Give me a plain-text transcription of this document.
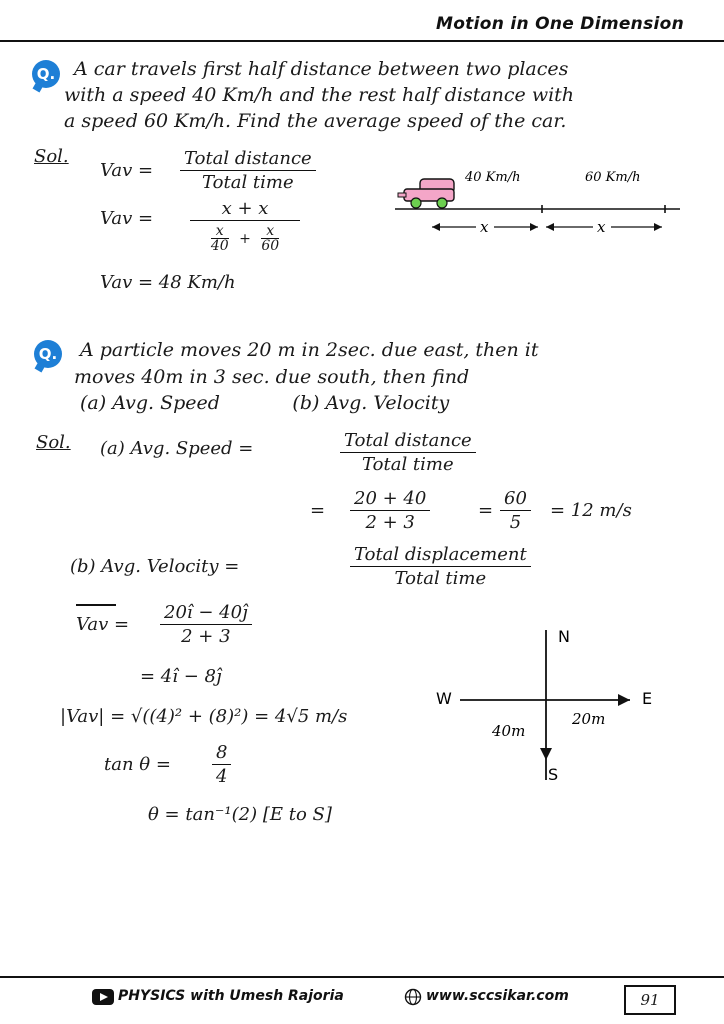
Motion in One Dimension
Q. A car travels first half distance between two places
with a speed 40 Km/h and the rest half distance with
a speed 60 Km/h. Find the average speed of the car.
Sol.
Vav =
Total distance
Total time
Vav =	x + x
$\frac{x}{40} + \frac{x}{60}$
Vav = 48 Km/h
40 Km/h	60 Km/h
x	x
Q. A particle moves 20 m in 2sec. due east, then it
moves 40m in 3 sec. due south, then find
(a) Avg. Speed            (b) Avg. Velocity
Sol. (a) Avg. Speed =	Total distance
Total time
= $\frac{20 + 40}{2 + 3}$	= $\frac{60}{5} = 12$ m/s
(b) Avg. Velocity =
Total displacement
Total time
Vav = $\frac{20î - 40ĵ}{2 + 3}$
= 4î − 8ĵ
|Vav| = √((4)² + (8)²) = 4√5 m/s
$\tan \theta = \frac{8}{4}$
θ = tan⁻¹(2) [E to S]
N
S
E
W
40m
20m
PHYSICS with Umesh Rajoria	www.sccsikar.com	91
